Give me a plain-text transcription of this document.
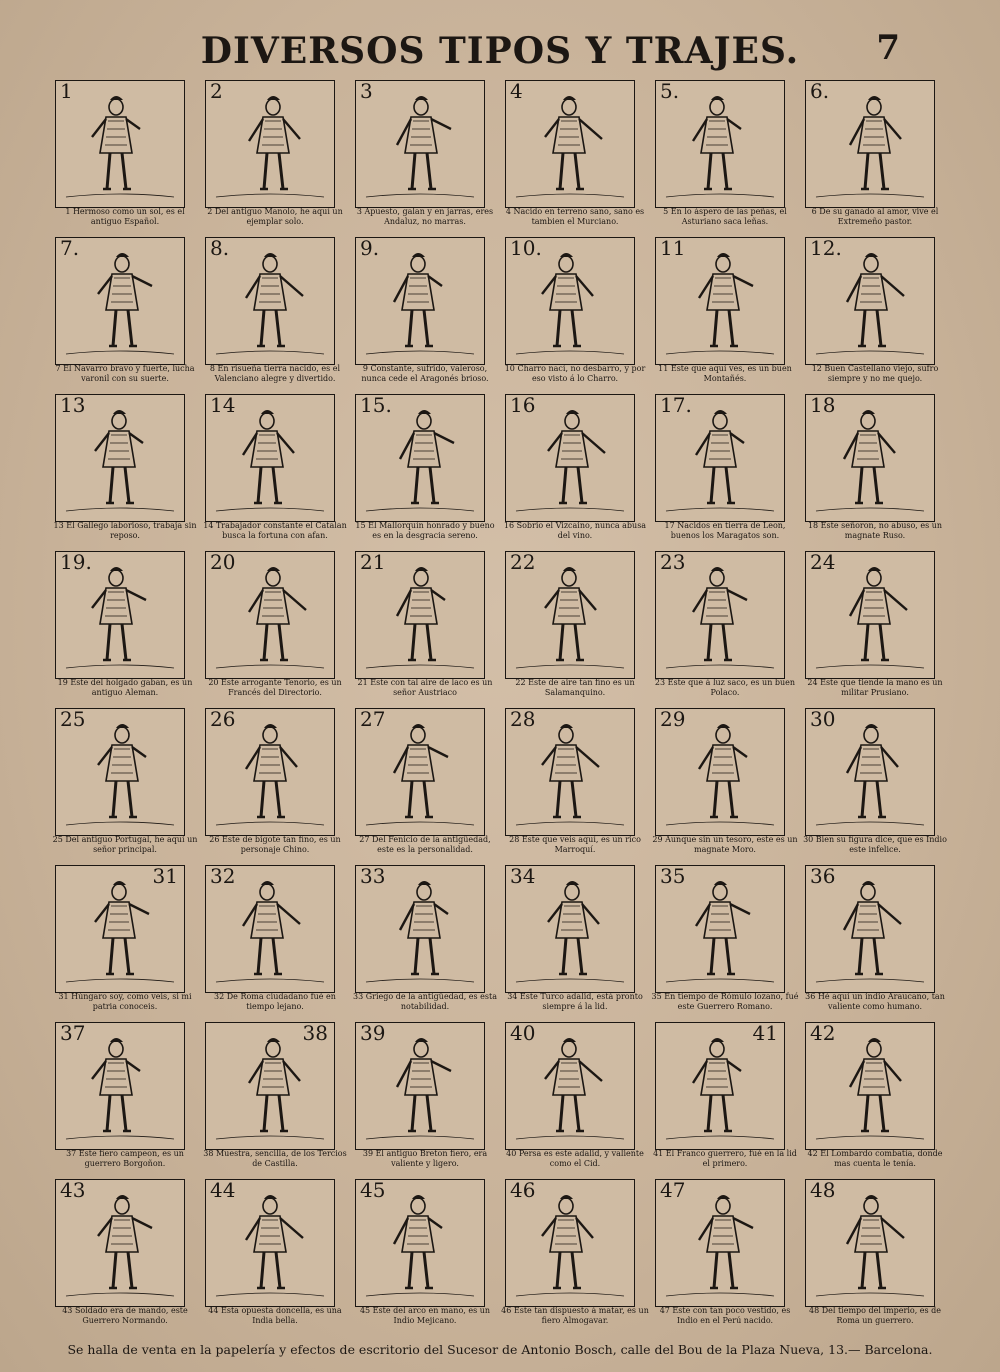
DIVERSOS TIPOS Y TRAJES.	7
1
1 Hermoso como un sol, es el antiguo Español.
2
2 Del antiguo Manolo, he aquí un ejemplar solo.
3
3 Apuesto, galan y en jarras, eres Andaluz, no marras.
4
4 Nacido en terreno sano, sano es tambien el Murciano.
5.
5 En lo áspero de las peñas, el Asturiano saca leñas.
6.
6 De su ganado al amor, vive el Extremeño pastor.
7.
7 El Navarro bravo y fuerte, lucha varonil con su suerte.
8.
8 En risueña tierra nacido, es el Valenciano alegre y divertido.
9.
9 Constante, sufrido, valeroso, nunca cede el Aragonés brioso.
10.
10 Charro nací, no desbarro, y por eso visto á lo Charro.
11
11 Este que aquí ves, es un buen Montañés.
12.
12 Buen Castellano viejo, sufro siempre y no me quejo.
13
13 El Gallego laborioso, trabaja sin reposo.
14
14 Trabajador constante el Catalan busca la fortuna con afan.
15.
15 El Mallorquín honrado y bueno es en la desgracia sereno.
16
16 Sobrio el Vizcaino, nunca abusa del vino.
17.
17 Nacidos en tierra de Leon, buenos los Maragatos son.
18
18 Este señoron, no abuso, es un magnate Ruso.
19.
19 Este del holgado gaban, es un antiguo Aleman.
20
20 Este arrogante Tenorio, es un Francés del Directorio.
21
21 Este con tal aire de laco es un señor Austriaco
22
22 Este de aire tan fino es un Salamanquino.
23
23 Este que á luz saco, es un buen Polaco.
24
24 Este que tiende la mano es un militar Prusiano.
25
25 Del antiguo Portugal, he aquí un señor principal.
26
26 Este de bigote tan fino, es un personaje Chino.
27
27 Del Fenicio de la antigüedad, este es la personalidad.
28
28 Este que veis aquí, es un rico Marroquí.
29
29 Aunque sin un tesoro, este es un magnate Moro.
30
30 Bien su figura dice, que es Indio este infelice.
31
31 Húngaro soy, como veis, si mi patria conoceis.
32
32 De Roma ciudadano fué en tiempo lejano.
33
33 Griego de la antigüedad, es esta notabilidad.
34
34 Este Turco adalid, está pronto siempre á la lid.
35
35 En tiempo de Rómulo lozano, fué este Guerrero Romano.
36
36 Hé aquí un indio Araucano, tan valiente como humano.
37
37 Este fiero campeon, es un guerrero Borgoñon.
38
38 Muestra, sencilla, de los Tercios de Castilla.
39
39 El antiguo Breton fiero, era valiente y ligero.
40
40 Persa es este adalid, y valiente como el Cid.
41
41 El Franco guerrero, fué en la lid el primero.
42
42 El Lombardo combatía, donde mas cuenta le tenía.
43
43 Soldado era de mando, este Guerrero Normando.
44
44 Esta opuesta doncella, es una India bella.
45
45 Este del arco en mano, es un Indio Mejicano.
46
46 Este tan dispuesto á matar, es un fiero Almogavar.
47
47 Este con tan poco vestido, es Indio en el Perú nacido.
48
48 Del tiempo del imperio, es de Roma un guerrero.
Se halla de venta en la papelería y efectos de escritorio del Sucesor de Antonio Bosch, calle del Bou de la Plaza Nueva, 13.— Barcelona.
